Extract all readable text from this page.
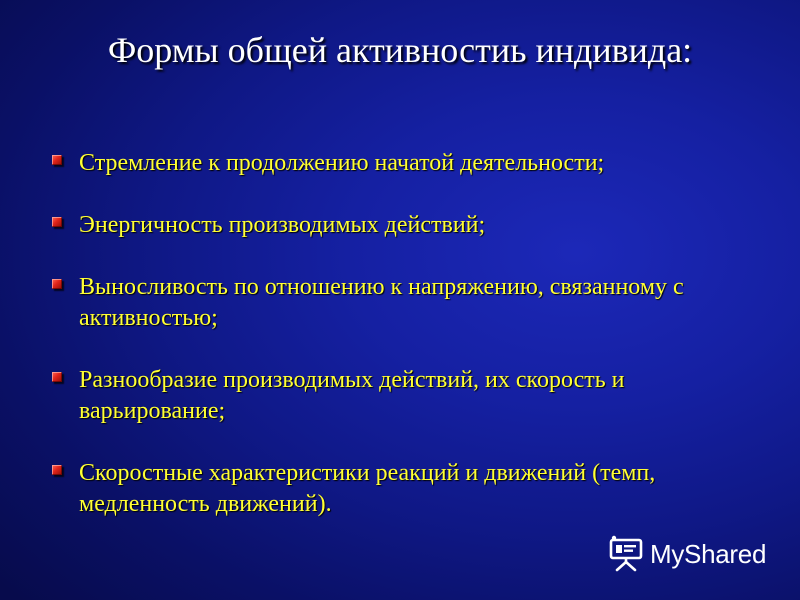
Формы общей активностиь индивида:
Стремление к продолжению начатой деятельности;
Энергичность производимых действий;
Выносливость по отношению к напряжению, связанному с активностью;
Разнообразие производимых действий, их скорость и варьирование;
Скоростные характеристики реакций и движений (темп, медленность движений).
MyShared
